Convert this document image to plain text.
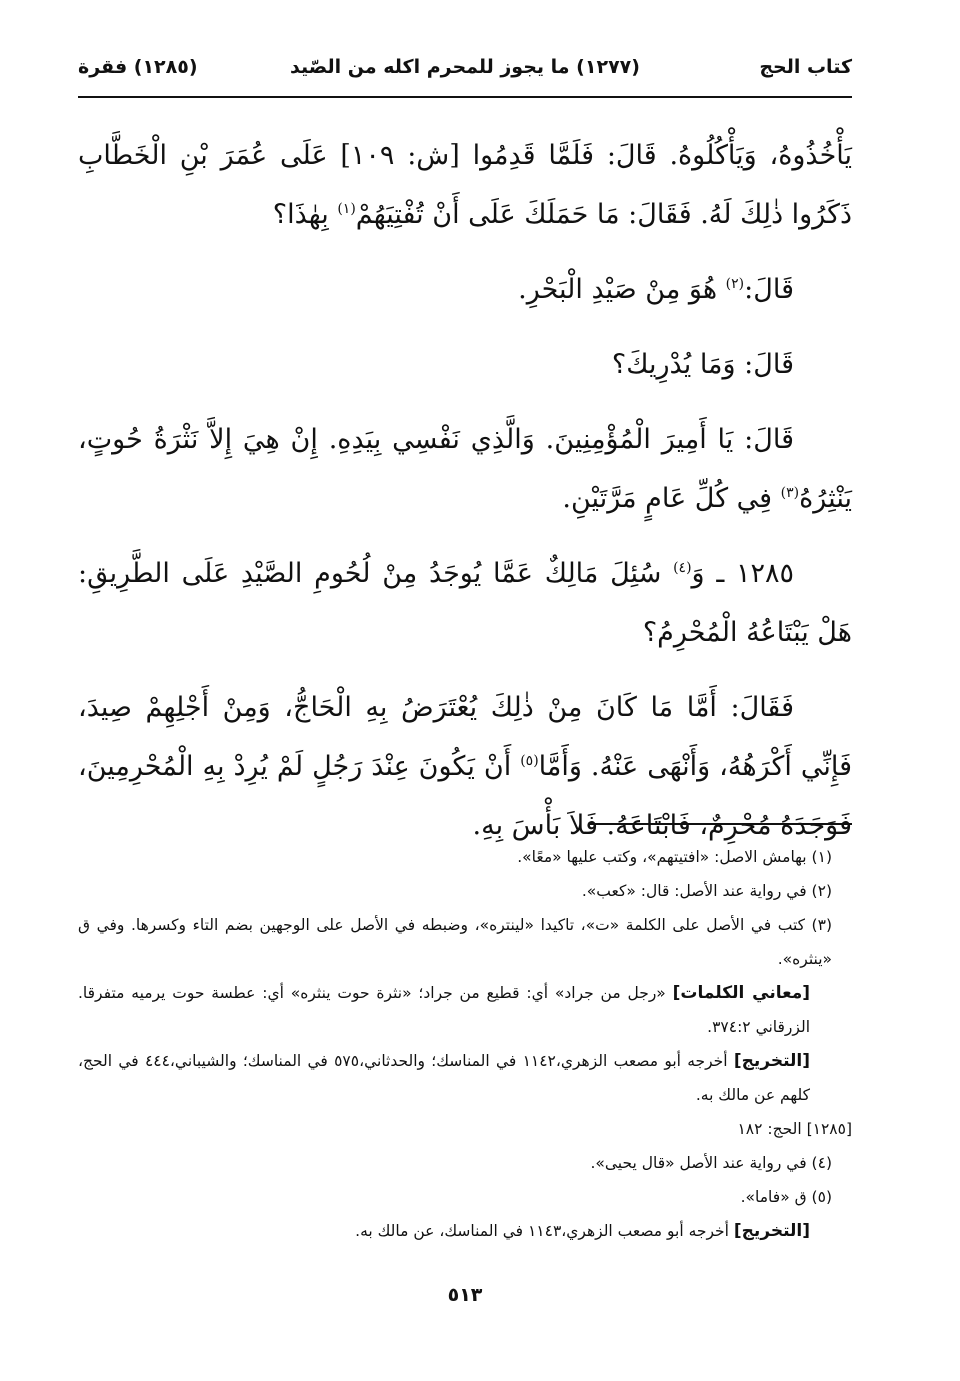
كتاب الحج
(١٢٧٧) ما يجوز للمحرم اكله من الصّيد
(١٢٨٥) فقرة

يَأْخُذُوهُ، وَيَأْكُلُوهُ. قَالَ: فَلَمَّا قَدِمُوا [ش: ١٠٩] عَلَى عُمَرَ بْنِ الْخَطَّابِ ذَكَرُوا ذٰلِكَ لَهُ. فَقَالَ: مَا حَمَلَكَ عَلَى أَنْ تُفْتِيَهُمْ$^{(١)}$ بِهٰذَا؟

قَالَ:$^{(٢)}$ هُوَ مِنْ صَيْدِ الْبَحْرِ.

قَالَ: وَمَا يُدْرِيكَ؟

قَالَ: يَا أَمِيرَ الْمُؤْمِنِينَ. وَالَّذِي نَفْسِي بِيَدِهِ. إِنْ هِيَ إِلاَّ نَثْرَةُ حُوتٍ، يَنْثِرُهُ$^{(٣)}$ فِي كُلِّ عَامٍ مَرَّتَيْنِ.

١٢٨٥ ـ وَ$^{(٤)}$ سُئِلَ مَالِكٌ عَمَّا يُوجَدُ مِنْ لُحُومِ الصَّيْدِ عَلَى الطَّرِيقِ: هَلْ يَبْتَاعُهُ الْمُحْرِمُ؟

فَقَالَ: أَمَّا مَا كَانَ مِنْ ذٰلِكَ يُعْتَرَضُ بِهِ الْحَاجُّ، وَمِنْ أَجْلِهِمْ صِيدَ، فَإِنِّي أَكْرَهُهُ، وَأَنْهَى عَنْهُ. وَأَمَّا$^{(٥)}$ أَنْ يَكُونَ عِنْدَ رَجُلٍ لَمْ يُرِدْ بِهِ الْمُحْرِمِينَ، فَوَجَدَهُ مُحْرِمٌ، فَابْتَاعَهُ. فَلاَ بَأْسَ بِهِ.

(١) بهامش الاصل: «افتيتهم»، وكتب عليها «معًا».
(٢) في رواية عند الأصل: قال: «كعب».
(٣) كتب في الأصل على الكلمة «ت»، تاكيدا «لينتره»، وضبطه في الأصل على الوجهين بضم التاء وكسرها. وفي ق «ينثره».
[معاني الكلمات] «رجل من جراد» أي: قطيع من جراد؛ «نثرة حوت ينثره» أي: عطسة حوت يرميه متفرقا. الزرقاني ٣٧٤:٢.
[التخريج] أخرجه أبو مصعب الزهري،١١٤٢ في المناسك؛ والحدثاني،٥٧٥ في المناسك؛ والشيباني،٤٤٤ في الحج، كلهم عن مالك به.
[١٢٨٥] الحج: ١٨٢
(٤) في رواية عند الأصل «قال يحيى».
(٥) ق «فاما».
[التخريج] أخرجه أبو مصعب الزهري،١١٤٣ في المناسك، عن مالك به.
٥١٣
